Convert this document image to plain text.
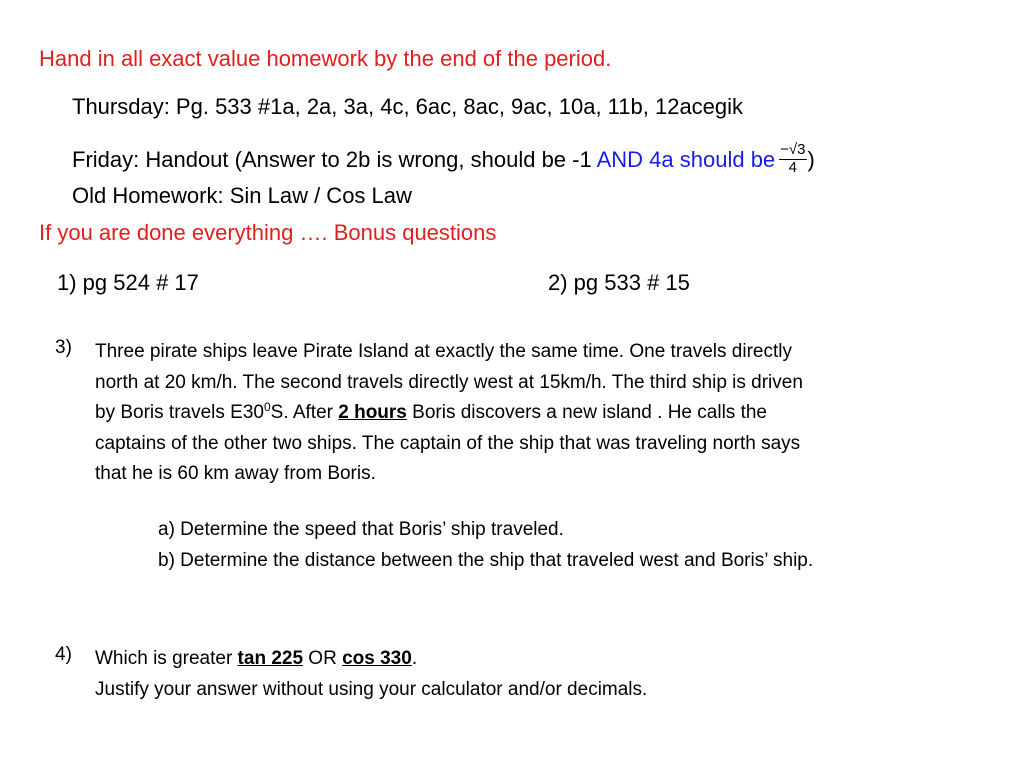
Hand in all exact value homework by the end of the period.
Thursday: Pg. 533 #1a, 2a, 3a, 4c, 6ac, 8ac, 9ac, 10a, 11b, 12acegik
Friday: Handout (Answer to 2b is wrong, should be -1 AND 4a should be $\frac{-√3}{4}$ )
Old Homework: Sin Law / Cos Law
If you are done everything …. Bonus questions
1) pg 524 # 17	2) pg 533 # 15
3) Three pirate ships leave Pirate Island at exactly the same time. One travels directly

north at 20 km/h. The second travels directly west at 15km/h. The third ship is driven

by Boris travels $E30^0S$. After 2 hours Boris discovers a new island . He calls the

captains of the other two ships. The captain of the ship that was traveling north says

that he is 60 km away from Boris.

a) Determine the speed that Boris’ ship traveled.
b) Determine the distance between the ship that traveled west and Boris’ ship.
4) Which is greater tan 225 OR cos 330.

Justify your answer without using your calculator and/or decimals.
